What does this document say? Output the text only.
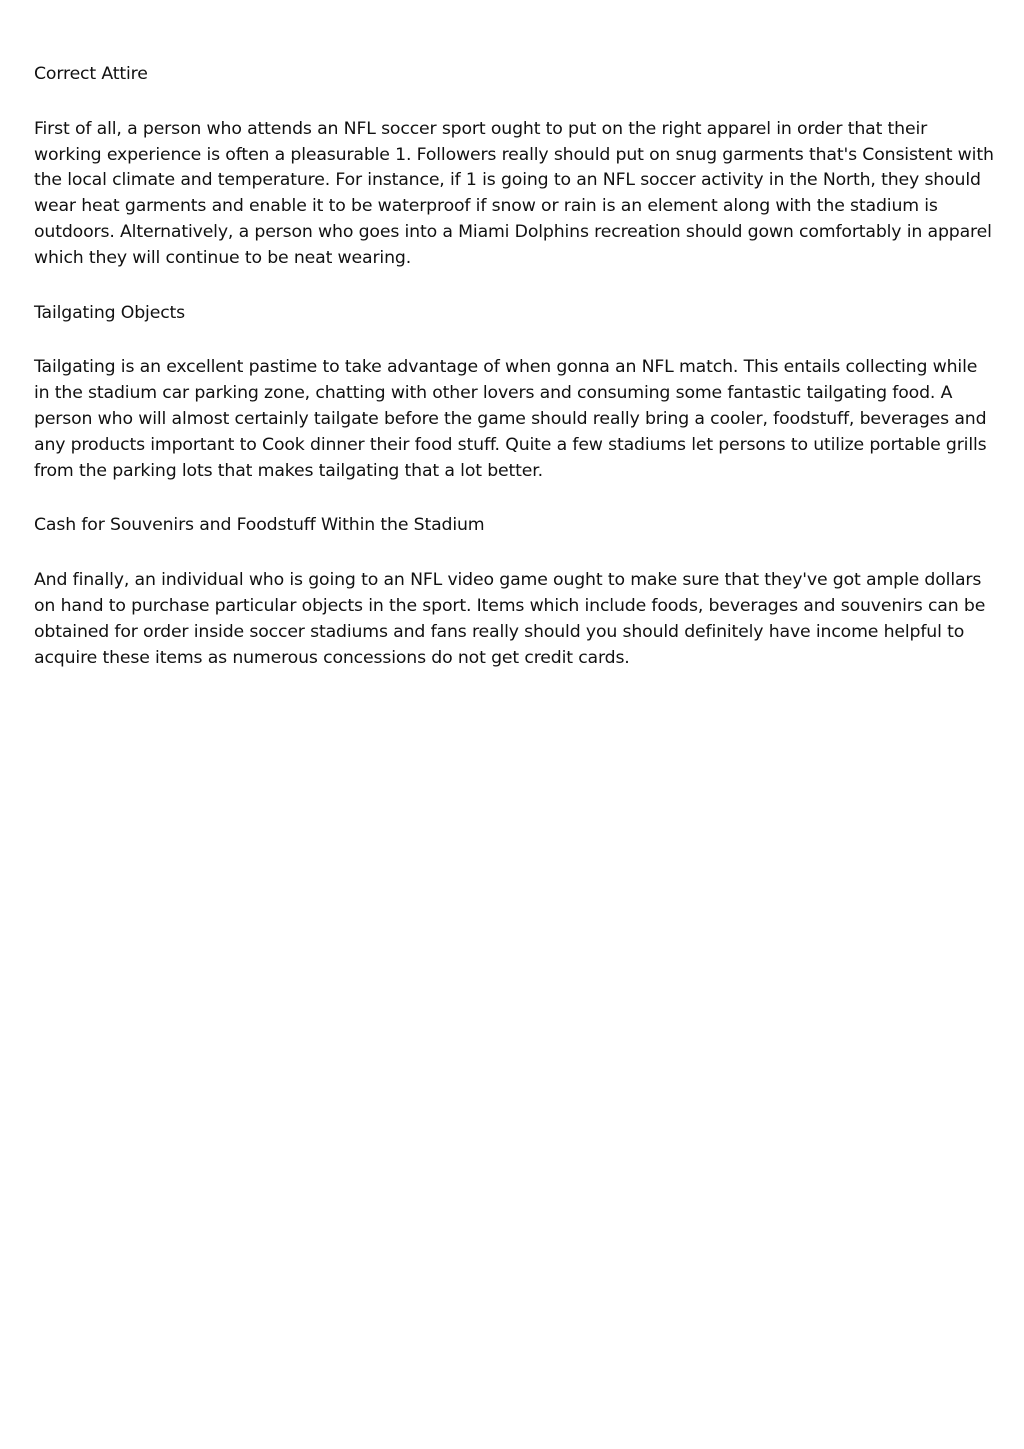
Correct Attire

First of all, a person who attends an NFL soccer sport ought to put on the right apparel in order that their working experience is often a pleasurable 1. Followers really should put on snug garments that's Consistent with the local climate and temperature. For instance, if 1 is going to an NFL soccer activity in the North, they should wear heat garments and enable it to be waterproof if snow or rain is an element along with the stadium is outdoors. Alternatively, a person who goes into a Miami Dolphins recreation should gown comfortably in apparel which they will continue to be neat wearing.

Tailgating Objects

Tailgating is an excellent pastime to take advantage of when gonna an NFL match. This entails collecting while in the stadium car parking zone, chatting with other lovers and consuming some fantastic tailgating food. A person who will almost certainly tailgate before the game should really bring a cooler, foodstuff, beverages and any products important to Cook dinner their food stuff. Quite a few stadiums let persons to utilize portable grills from the parking lots that makes tailgating that a lot better.

Cash for Souvenirs and Foodstuff Within the Stadium

And finally, an individual who is going to an NFL video game ought to make sure that they've got ample dollars on hand to purchase particular objects in the sport. Items which include foods, beverages and souvenirs can be obtained for order inside soccer stadiums and fans really should you should definitely have income helpful to acquire these items as numerous concessions do not get credit cards.
